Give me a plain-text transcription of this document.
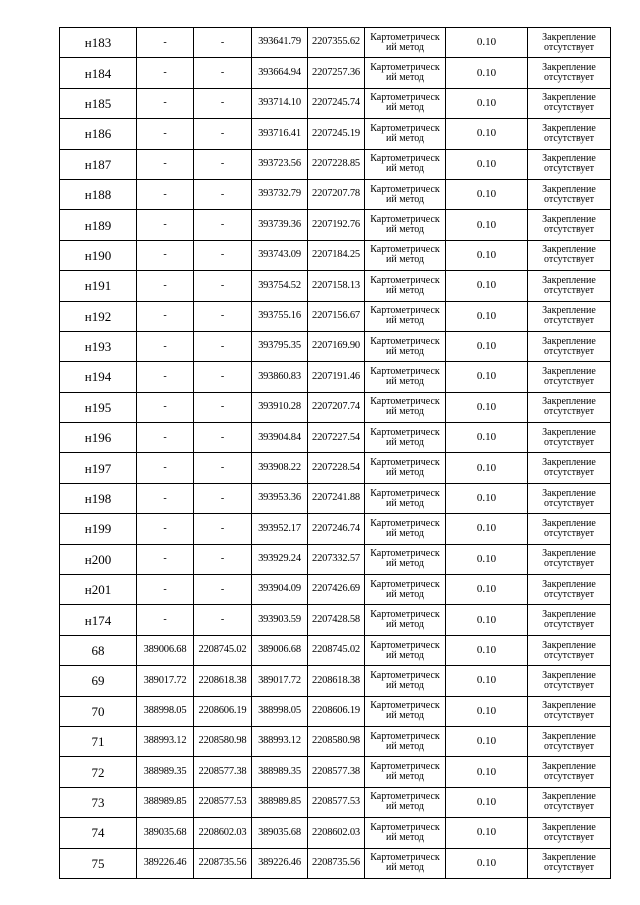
н183	-	-	393641.79	2207355.62	Картометрическ
ий метод	0.10	Закрепление
отсутствует

н184	-	-	393664.94	2207257.36	Картометрическ
ий метод	0.10	Закрепление
отсутствует

н185	-	-	393714.10	2207245.74	Картометрическ
ий метод	0.10	Закрепление
отсутствует

н186	-	-	393716.41	2207245.19	Картометрическ
ий метод	0.10	Закрепление
отсутствует

н187	-	-	393723.56	2207228.85	Картометрическ
ий метод	0.10	Закрепление
отсутствует

н188	-	-	393732.79	2207207.78	Картометрическ
ий метод	0.10	Закрепление
отсутствует

н189	-	-	393739.36	2207192.76	Картометрическ
ий метод	0.10	Закрепление
отсутствует

н190	-	-	393743.09	2207184.25	Картометрическ
ий метод	0.10	Закрепление
отсутствует

н191	-	-	393754.52	2207158.13	Картометрическ
ий метод	0.10	Закрепление
отсутствует

н192	-	-	393755.16	2207156.67	Картометрическ
ий метод	0.10	Закрепление
отсутствует

н193	-	-	393795.35	2207169.90	Картометрическ
ий метод	0.10	Закрепление
отсутствует

н194	-	-	393860.83	2207191.46	Картометрическ
ий метод	0.10	Закрепление
отсутствует

н195	-	-	393910.28	2207207.74	Картометрическ
ий метод	0.10	Закрепление
отсутствует

н196	-	-	393904.84	2207227.54	Картометрическ
ий метод	0.10	Закрепление
отсутствует

н197	-	-	393908.22	2207228.54	Картометрическ
ий метод	0.10	Закрепление
отсутствует

н198	-	-	393953.36	2207241.88	Картометрическ
ий метод	0.10	Закрепление
отсутствует

н199	-	-	393952.17	2207246.74	Картометрическ
ий метод	0.10	Закрепление
отсутствует

н200	-	-	393929.24	2207332.57	Картометрическ
ий метод	0.10	Закрепление
отсутствует

н201	-	-	393904.09	2207426.69	Картометрическ
ий метод	0.10	Закрепление
отсутствует

н174	-	-	393903.59	2207428.58	Картометрическ
ий метод	0.10	Закрепление
отсутствует

68	389006.68	2208745.02	389006.68	2208745.02	Картометрическ
ий метод	0.10	Закрепление
отсутствует

69	389017.72	2208618.38	389017.72	2208618.38	Картометрическ
ий метод	0.10	Закрепление
отсутствует

70	388998.05	2208606.19	388998.05	2208606.19	Картометрическ
ий метод	0.10	Закрепление
отсутствует

71	388993.12	2208580.98	388993.12	2208580.98	Картометрическ
ий метод	0.10	Закрепление
отсутствует

72	388989.35	2208577.38	388989.35	2208577.38	Картометрическ
ий метод	0.10	Закрепление
отсутствует

73	388989.85	2208577.53	388989.85	2208577.53	Картометрическ
ий метод	0.10	Закрепление
отсутствует

74	389035.68	2208602.03	389035.68	2208602.03	Картометрическ
ий метод	0.10	Закрепление
отсутствует

75	389226.46	2208735.56	389226.46	2208735.56	Картометрическ
ий метод	0.10	Закрепление
отсутствует
